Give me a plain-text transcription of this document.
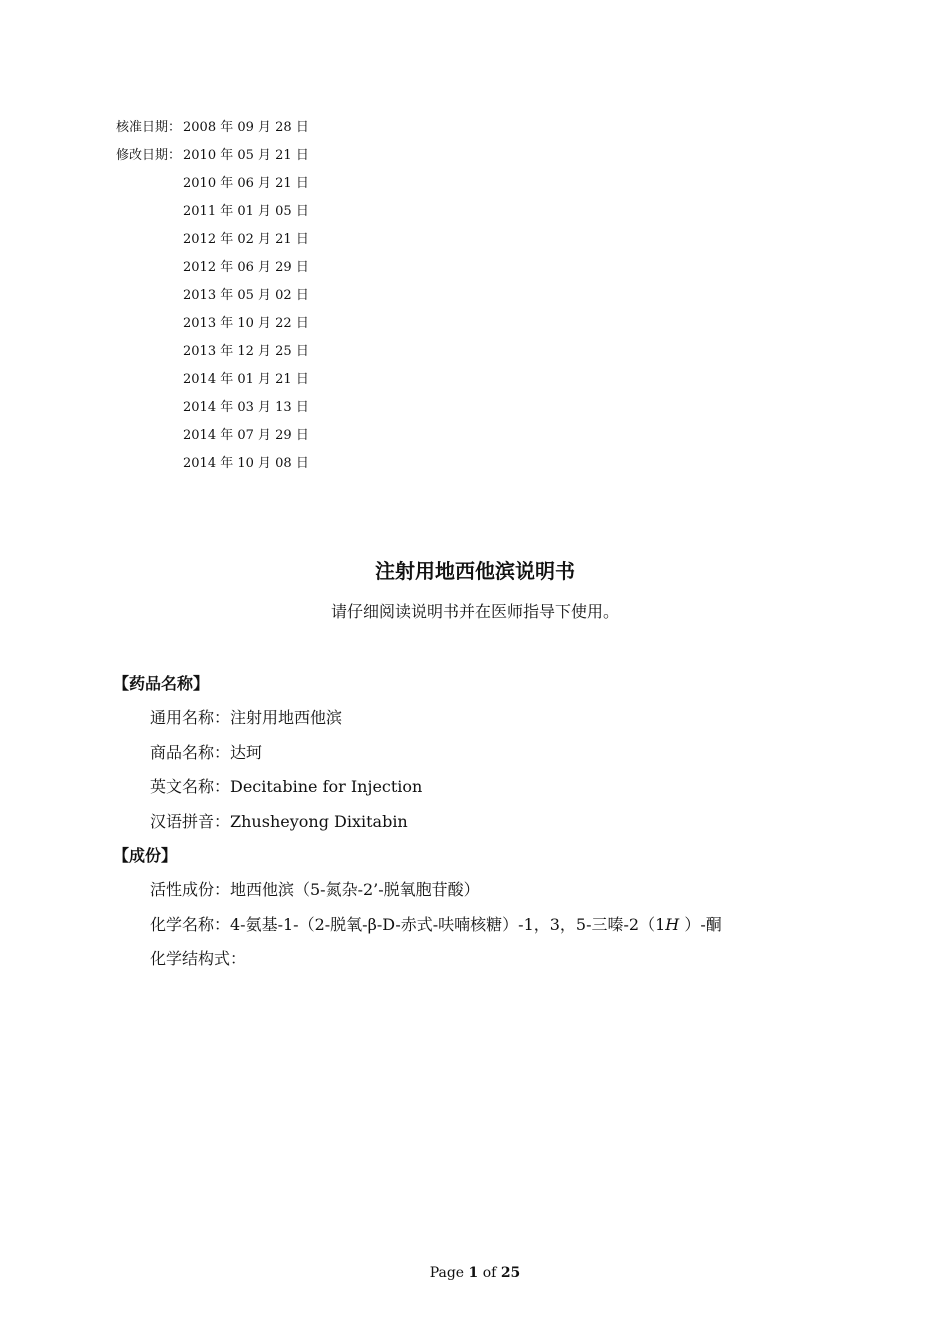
核准日期： 2008 年 09 月 28 日
修改日期： 2010 年 05 月 21 日
2010 年 06 月 21 日
2011 年 01 月 05 日
2012 年 02 月 21 日
2012 年 06 月 29 日
2013 年 05 月 02 日
2013 年 10 月 22 日
2013 年 12 月 25 日
2014 年 01 月 21 日
2014 年 03 月 13 日
2014 年 07 月 29 日
2014 年 10 月 08 日
注射用地西他滨说明书
请仔细阅读说明书并在医师指导下使用。
【药品名称】
通用名称：注射用地西他滨
商品名称：达珂
英文名称：Decitabine for Injection
汉语拼音：Zhusheyong Dixitabin
【成份】
活性成份：地西他滨（5-氮杂-2’-脱氧胞苷酸）
化学名称：4-氨基-1-（2-脱氧-β-D-赤式-呋喃核糖）-1，3，5-三嗪-2（1H ）-酮
化学结构式：
Page 1 of 25
